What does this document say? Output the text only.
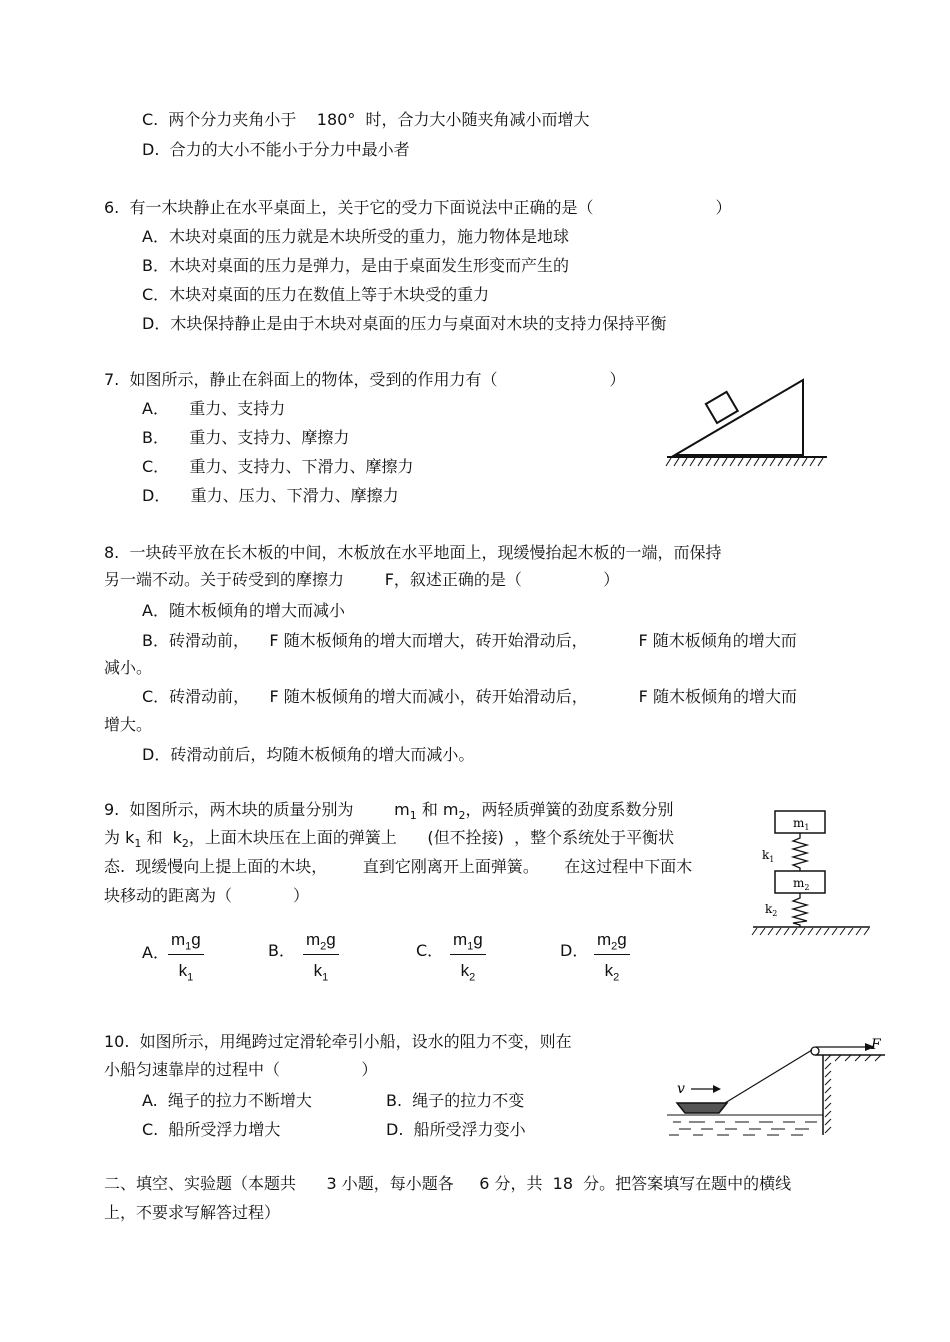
C.  两个分力夹角小于    180°  时，合力大小随夹角减小而增大
D.  合力的大小不能小于分力中最小者
6.  有一木块静止在水平桌面上，关于它的受力下面说法中正确的是（                        ）
A．木块对桌面的压力就是木块所受的重力，施力物体是地球
B．木块对桌面的压力是弹力，是由于桌面发生形变而产生的
C．木块对桌面的压力在数值上等于木块受的重力
D．木块保持静止是由于木块对桌面的压力与桌面对木块的支持力保持平衡
7.  如图所示，静止在斜面上的物体，受到的作用力有（                      ）
A．    重力、支持力
B．    重力、支持力、摩擦力
C．    重力、支持力、下滑力、摩擦力
D．    重力、压力、下滑力、摩擦力
8.  一块砖平放在长木板的中间，木板放在水平地面上，现缓慢抬起木板的一端，而保持
另一端不动。关于砖受到的摩擦力        F，叙述正确的是（                ）
A．随木板倾角的增大而减小
B．砖滑动前，    F 随木板倾角的增大而增大，砖开始滑动后，          F 随木板倾角的增大而
减小。
C．砖滑动前，    F 随木板倾角的增大而减小，砖开始滑动后，          F 随木板倾角的增大而
增大。
D．砖滑动前后，均随木板倾角的增大而减小。
9.  如图所示，两木块的质量分别为	$m_1$ 和 $m_2$，两轻质弹簧的劲度系数分别
为 $k_1$ 和  $k_2$，上面木块压在上面的弹簧上      (但不拴接)  ，整个系统处于平衡状
态.  现缓慢向上提上面的木块，       直到它刚离开上面弹簧。     在这过程中下面木
块移动的距离为（            ）
A． $\frac{m_1g}{k_1}$	B． $\frac{m_2g}{k_1}$	C． $\frac{m_1g}{k_2}$	D． $\frac{m_2g}{k_2}$
$m_1$
$k_1$
$m_2$
$k_2$
10.  如图所示，用绳跨过定滑轮牵引小船，设水的阻力不变，则在
小船匀速靠岸的过程中（                ）
A.  绳子的拉力不断增大	B.  绳子的拉力不变
C.  船所受浮力增大	D.  船所受浮力变小
F
v
二、填空、实验题（本题共      3 小题，每小题各     6 分，共  18  分。把答案填写在题中的横线
上，不要求写解答过程）
